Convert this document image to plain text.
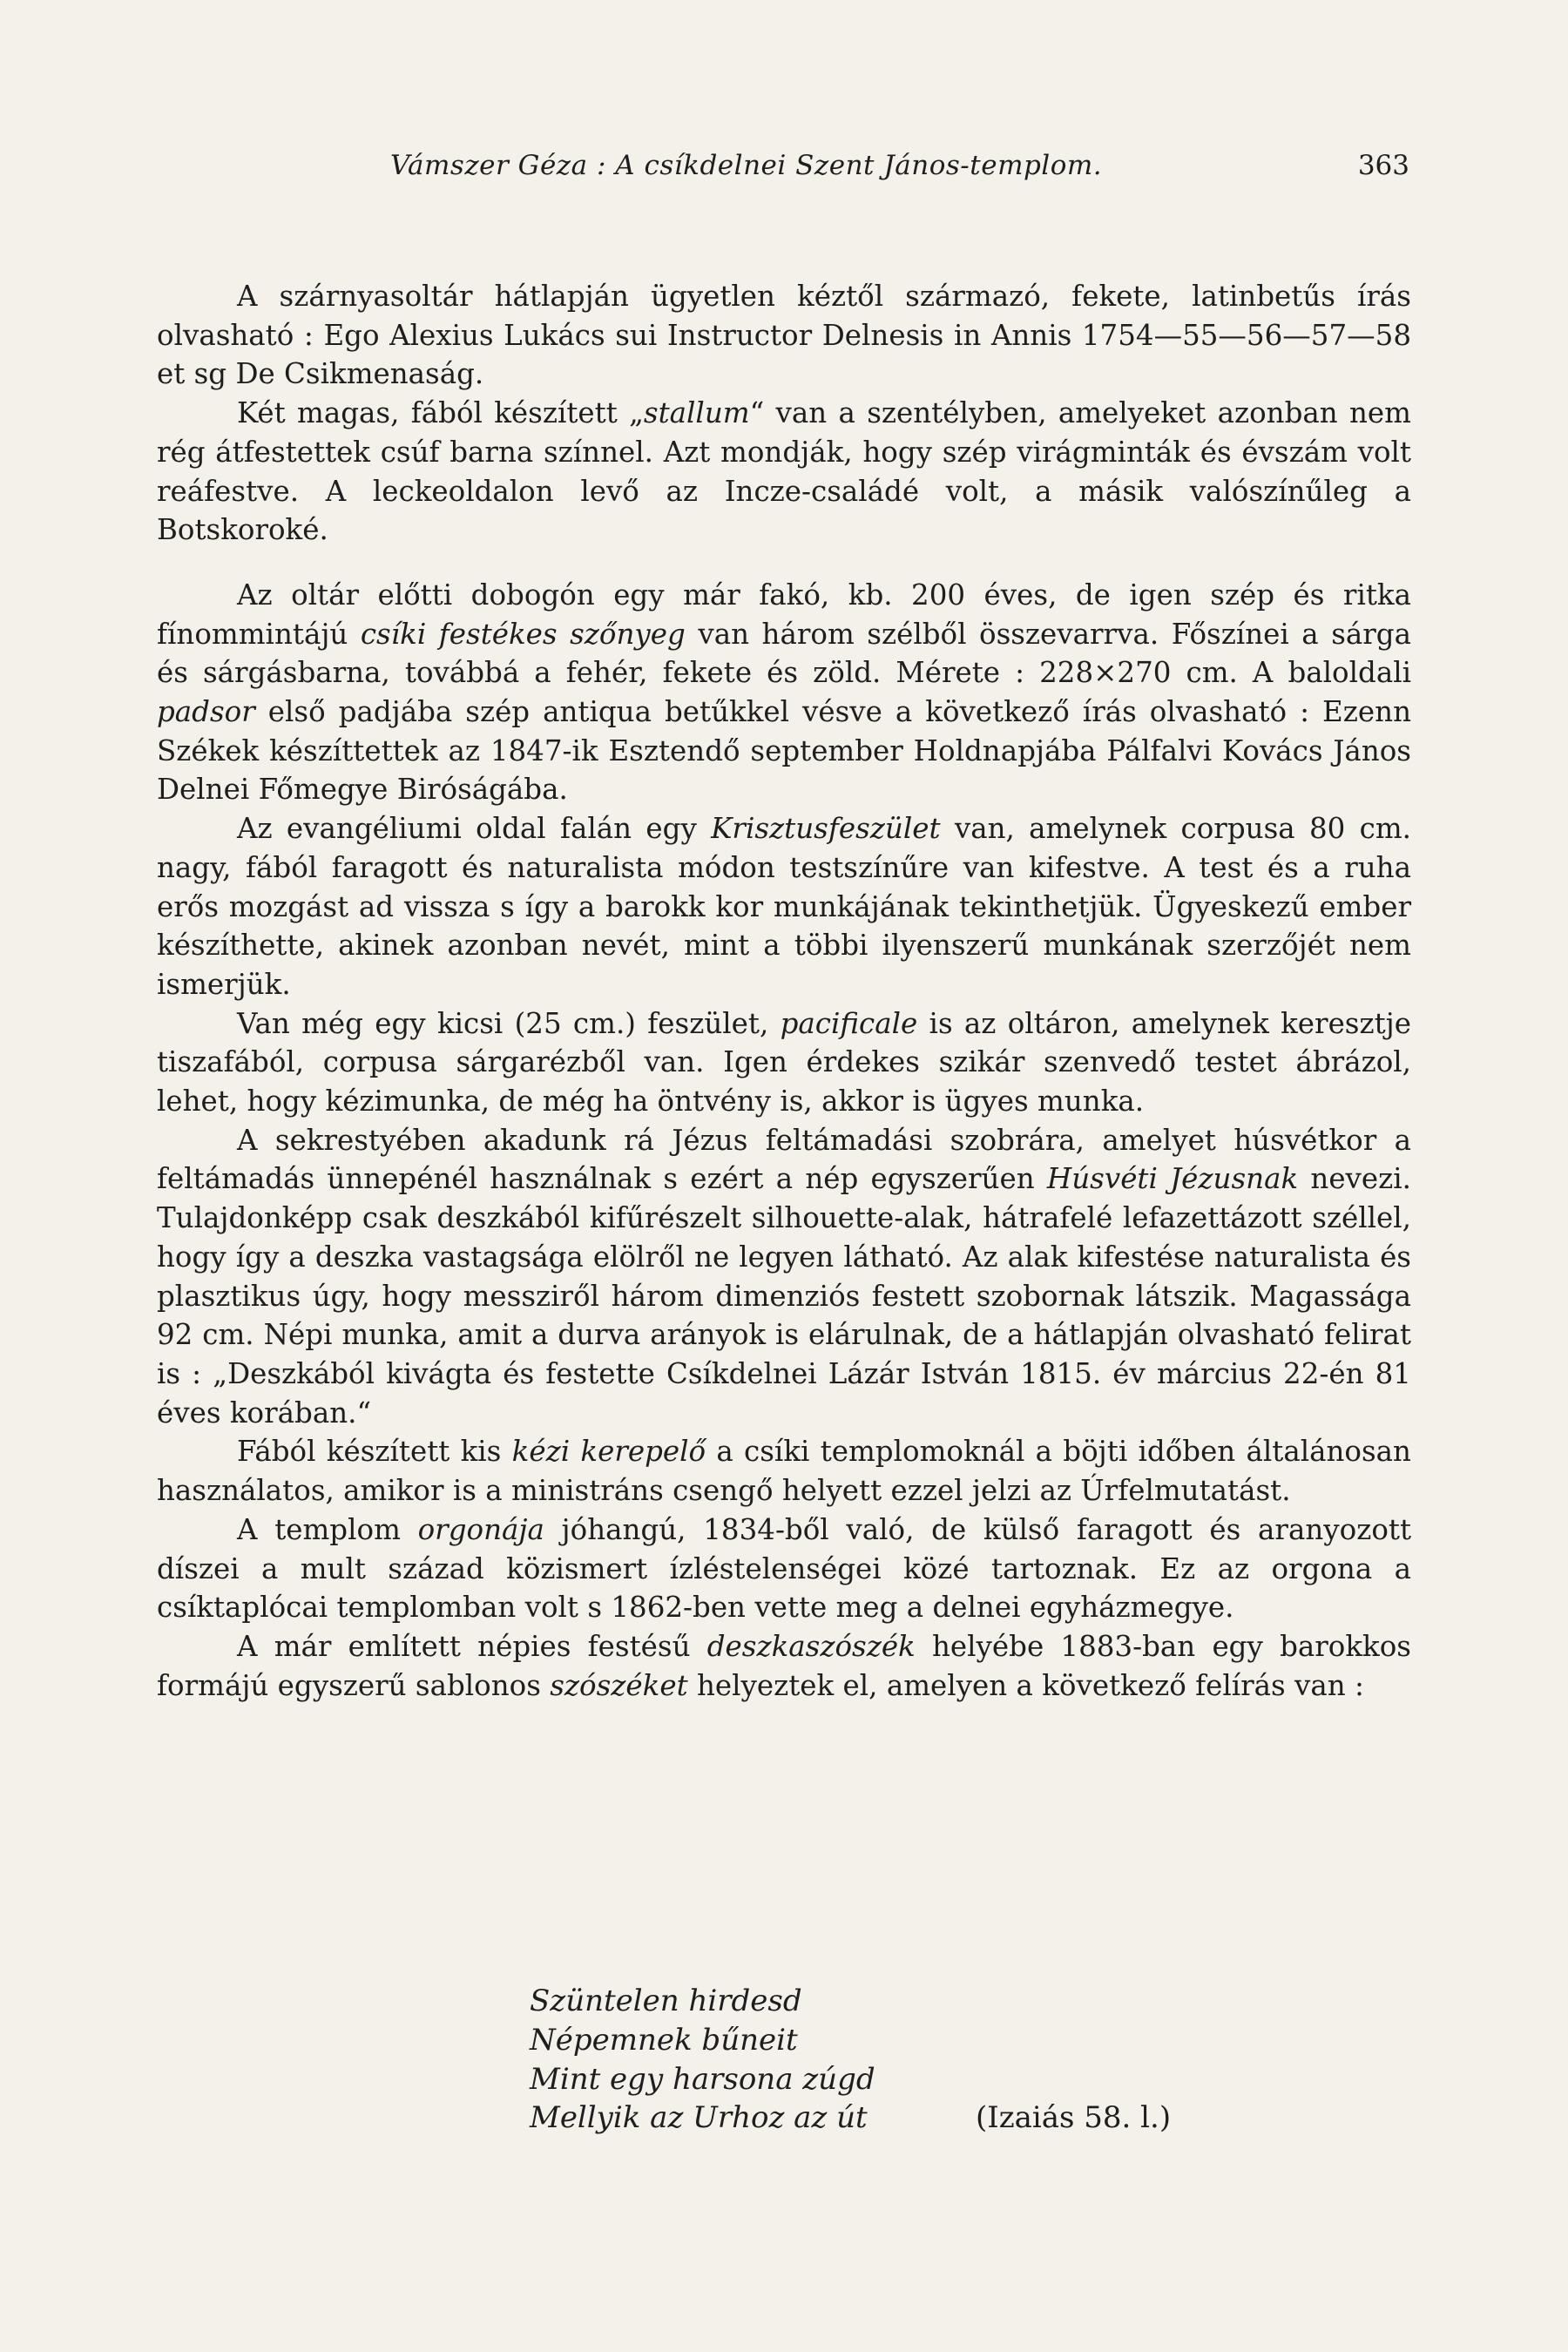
Vámszer Géza : A csíkdelnei Szent János-templom.	363

A szárnyasoltár hátlapján ügyetlen kéztől származó, fekete, latinbetűs írás olvasható : Ego Alexius Lukács sui Instructor Delnesis in Annis 1754—55—56—57—58 et sg De Csikmenaság.

Két magas, fából készített „stallum“ van a szentélyben, amelyeket azonban nem rég átfestettek csúf barna színnel. Azt mondják, hogy szép virágminták és évszám volt reáfestve. A leckeoldalon levő az Incze-családé volt, a másik valószínűleg a Botskoroké.

Az oltár előtti dobogón egy már fakó, kb. 200 éves, de igen szép és ritka fínommintájú csíki festékes szőnyeg van három szélből összevarrva. Főszínei a sárga és sárgásbarna, továbbá a fehér, fekete és zöld. Mérete : 228×270 cm. A baloldali padsor első padjába szép antiqua betűkkel vésve a következő írás olvasható : Ezenn Székek készíttettek az 1847-ik Esztendő september Holdnapjába Pálfalvi Kovács János Delnei Főmegye Biróságába.

Az evangéliumi oldal falán egy Krisztusfeszület van, amelynek corpusa 80 cm. nagy, fából faragott és naturalista módon testszínűre van kifestve. A test és a ruha erős mozgást ad vissza s így a barokk kor munkájának tekinthetjük. Ügyeskezű ember készíthette, akinek azonban nevét, mint a többi ilyenszerű munkának szerzőjét nem ismerjük.

Van még egy kicsi (25 cm.) feszület, pacificale is az oltáron, amelynek keresztje tiszafából, corpusa sárgarézből van. Igen érdekes szikár szenvedő testet ábrázol, lehet, hogy kézimunka, de még ha öntvény is, akkor is ügyes munka.

A sekrestyében akadunk rá Jézus feltámadási szobrára, amelyet húsvétkor a feltámadás ünnepénél használnak s ezért a nép egyszerűen Húsvéti Jézusnak nevezi. Tulajdonképp csak deszkából kifűrészelt silhouette-alak, hátrafelé lefazettázott széllel, hogy így a deszka vastagsága elölről ne legyen látható. Az alak kifestése naturalista és plasztikus úgy, hogy messziről három dimenziós festett szobornak látszik. Magassága 92 cm. Népi munka, amit a durva arányok is elárulnak, de a hátlapján olvasható felirat is : „Deszkából kivágta és festette Csíkdelnei Lázár István 1815. év március 22-én 81 éves korában.“

Fából készített kis kézi kerepelő a csíki templomoknál a böjti időben általánosan használatos, amikor is a ministráns csengő helyett ezzel jelzi az Úrfelmutatást.

A templom orgonája jóhangú, 1834-ből való, de külső faragott és aranyozott díszei a mult század közismert ízléstelenségei közé tartoznak. Ez az orgona a csíktaplócai templomban volt s 1862-ben vette meg a delnei egyházmegye.

A már említett népies festésű deszkaszószék helyébe 1883-ban egy barokkos formájú egyszerű sablonos szószéket helyeztek el, amelyen a következő felírás van :

Szüntelen hirdesd
Népemnek bűneit
Mint egy harsona zúgd
Mellyik az Urhoz az út	(Izaiás 58. l.)
